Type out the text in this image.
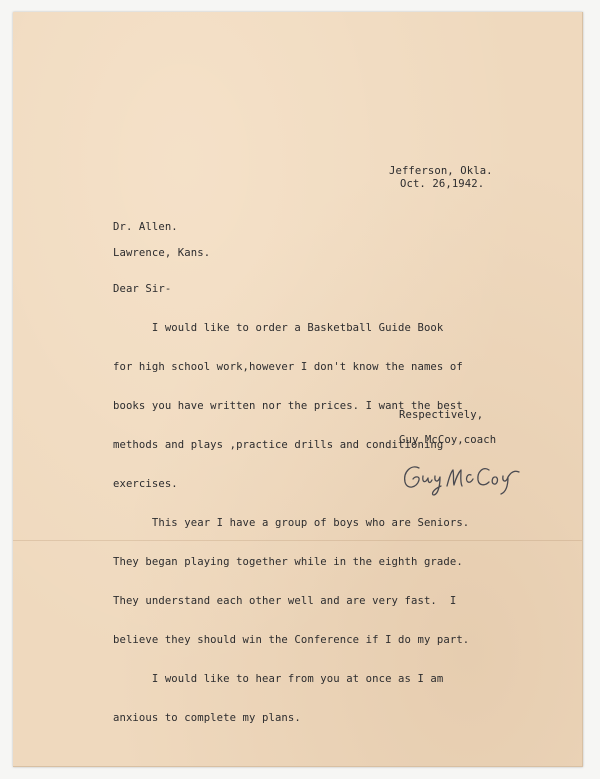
Jefferson, Okla.
Oct. 26,1942.
Dr. Allen.
Lawrence, Kans.
Dear Sir-

I would like to order a Basketball Guide Book

for high school work,however I don't know the names of

books you have written nor the prices. I want the best

methods and plays ,practice drills and conditioning

exercises.

This year I have a group of boys who are Seniors.

They began playing together while in the eighth grade.

They understand each other well and are very fast.  I

believe they should win the Conference if I do my part.

I would like to hear from you at once as I am

anxious to complete my plans.

Respectively,
Guy McCoy,coach
